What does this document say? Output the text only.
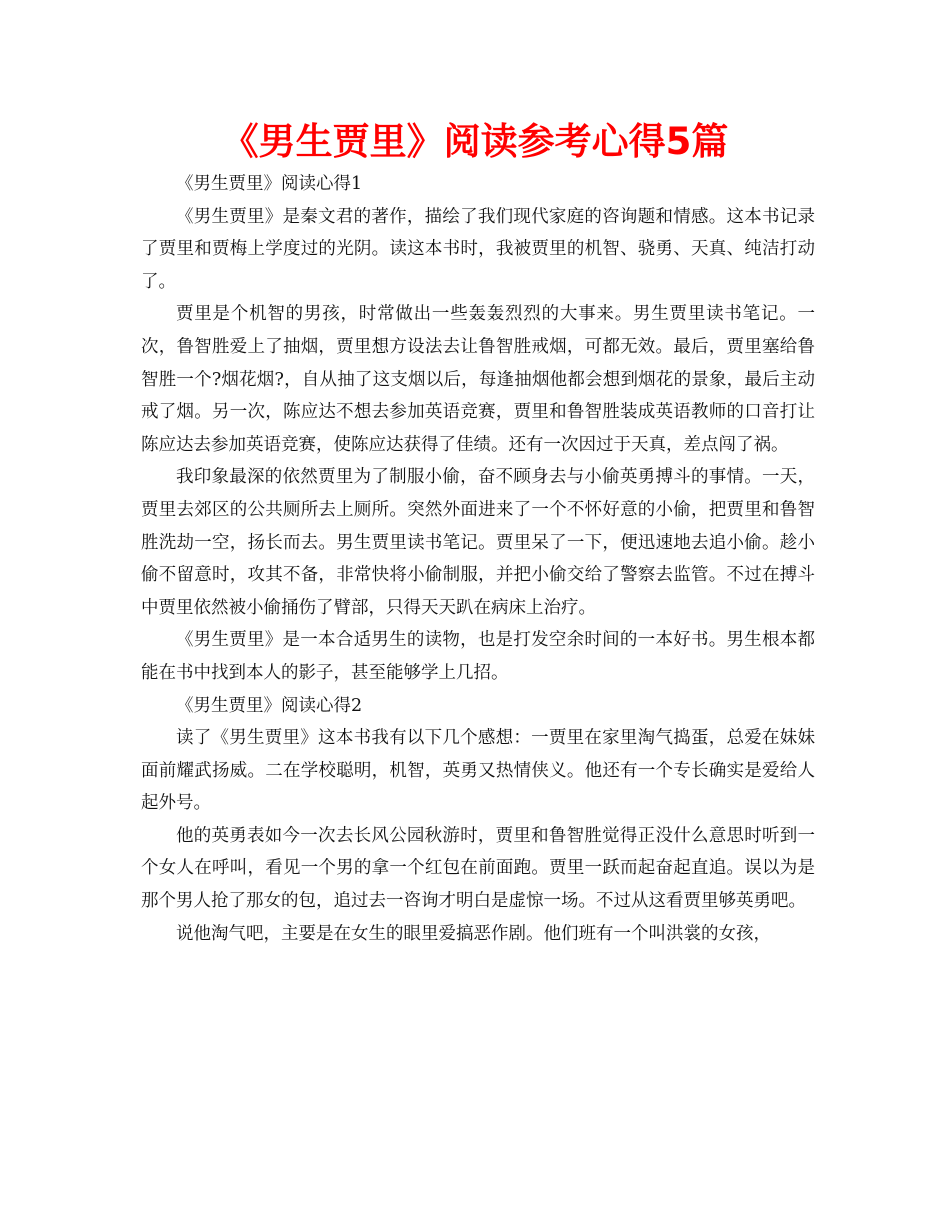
《男生贾里》阅读参考心得5篇

《男生贾里》阅读心得1

《男生贾里》是秦文君的著作，描绘了我们现代家庭的咨询题和情感。这本书记录了贾里和贾梅上学度过的光阴。读这本书时，我被贾里的机智、骁勇、天真、纯洁打动了。

贾里是个机智的男孩，时常做出一些轰轰烈烈的大事来。男生贾里读书笔记。一次，鲁智胜爱上了抽烟，贾里想方设法去让鲁智胜戒烟，可都无效。最后，贾里塞给鲁智胜一个?烟花烟?，自从抽了这支烟以后，每逢抽烟他都会想到烟花的景象，最后主动戒了烟。另一次，陈应达不想去参加英语竞赛，贾里和鲁智胜装成英语教师的口音打让陈应达去参加英语竞赛，使陈应达获得了佳绩。还有一次因过于天真，差点闯了祸。

我印象最深的依然贾里为了制服小偷，奋不顾身去与小偷英勇搏斗的事情。一天，贾里去郊区的公共厕所去上厕所。突然外面进来了一个不怀好意的小偷，把贾里和鲁智胜洗劫一空，扬长而去。男生贾里读书笔记。贾里呆了一下，便迅速地去追小偷。趁小偷不留意时，攻其不备，非常快将小偷制服，并把小偷交给了警察去监管。不过在搏斗中贾里依然被小偷捅伤了臂部，只得天天趴在病床上治疗。

《男生贾里》是一本合适男生的读物，也是打发空余时间的一本好书。男生根本都能在书中找到本人的影子，甚至能够学上几招。

《男生贾里》阅读心得2

读了《男生贾里》这本书我有以下几个感想：一贾里在家里淘气捣蛋，总爱在妹妹面前耀武扬威。二在学校聪明，机智，英勇又热情侠义。他还有一个专长确实是爱给人起外号。

他的英勇表如今一次去长风公园秋游时，贾里和鲁智胜觉得正没什么意思时听到一个女人在呼叫，看见一个男的拿一个红包在前面跑。贾里一跃而起奋起直追。误以为是那个男人抢了那女的包，追过去一咨询才明白是虚惊一场。不过从这看贾里够英勇吧。

说他淘气吧，主要是在女生的眼里爱搞恶作剧。他们班有一个叫洪裳的女孩，
